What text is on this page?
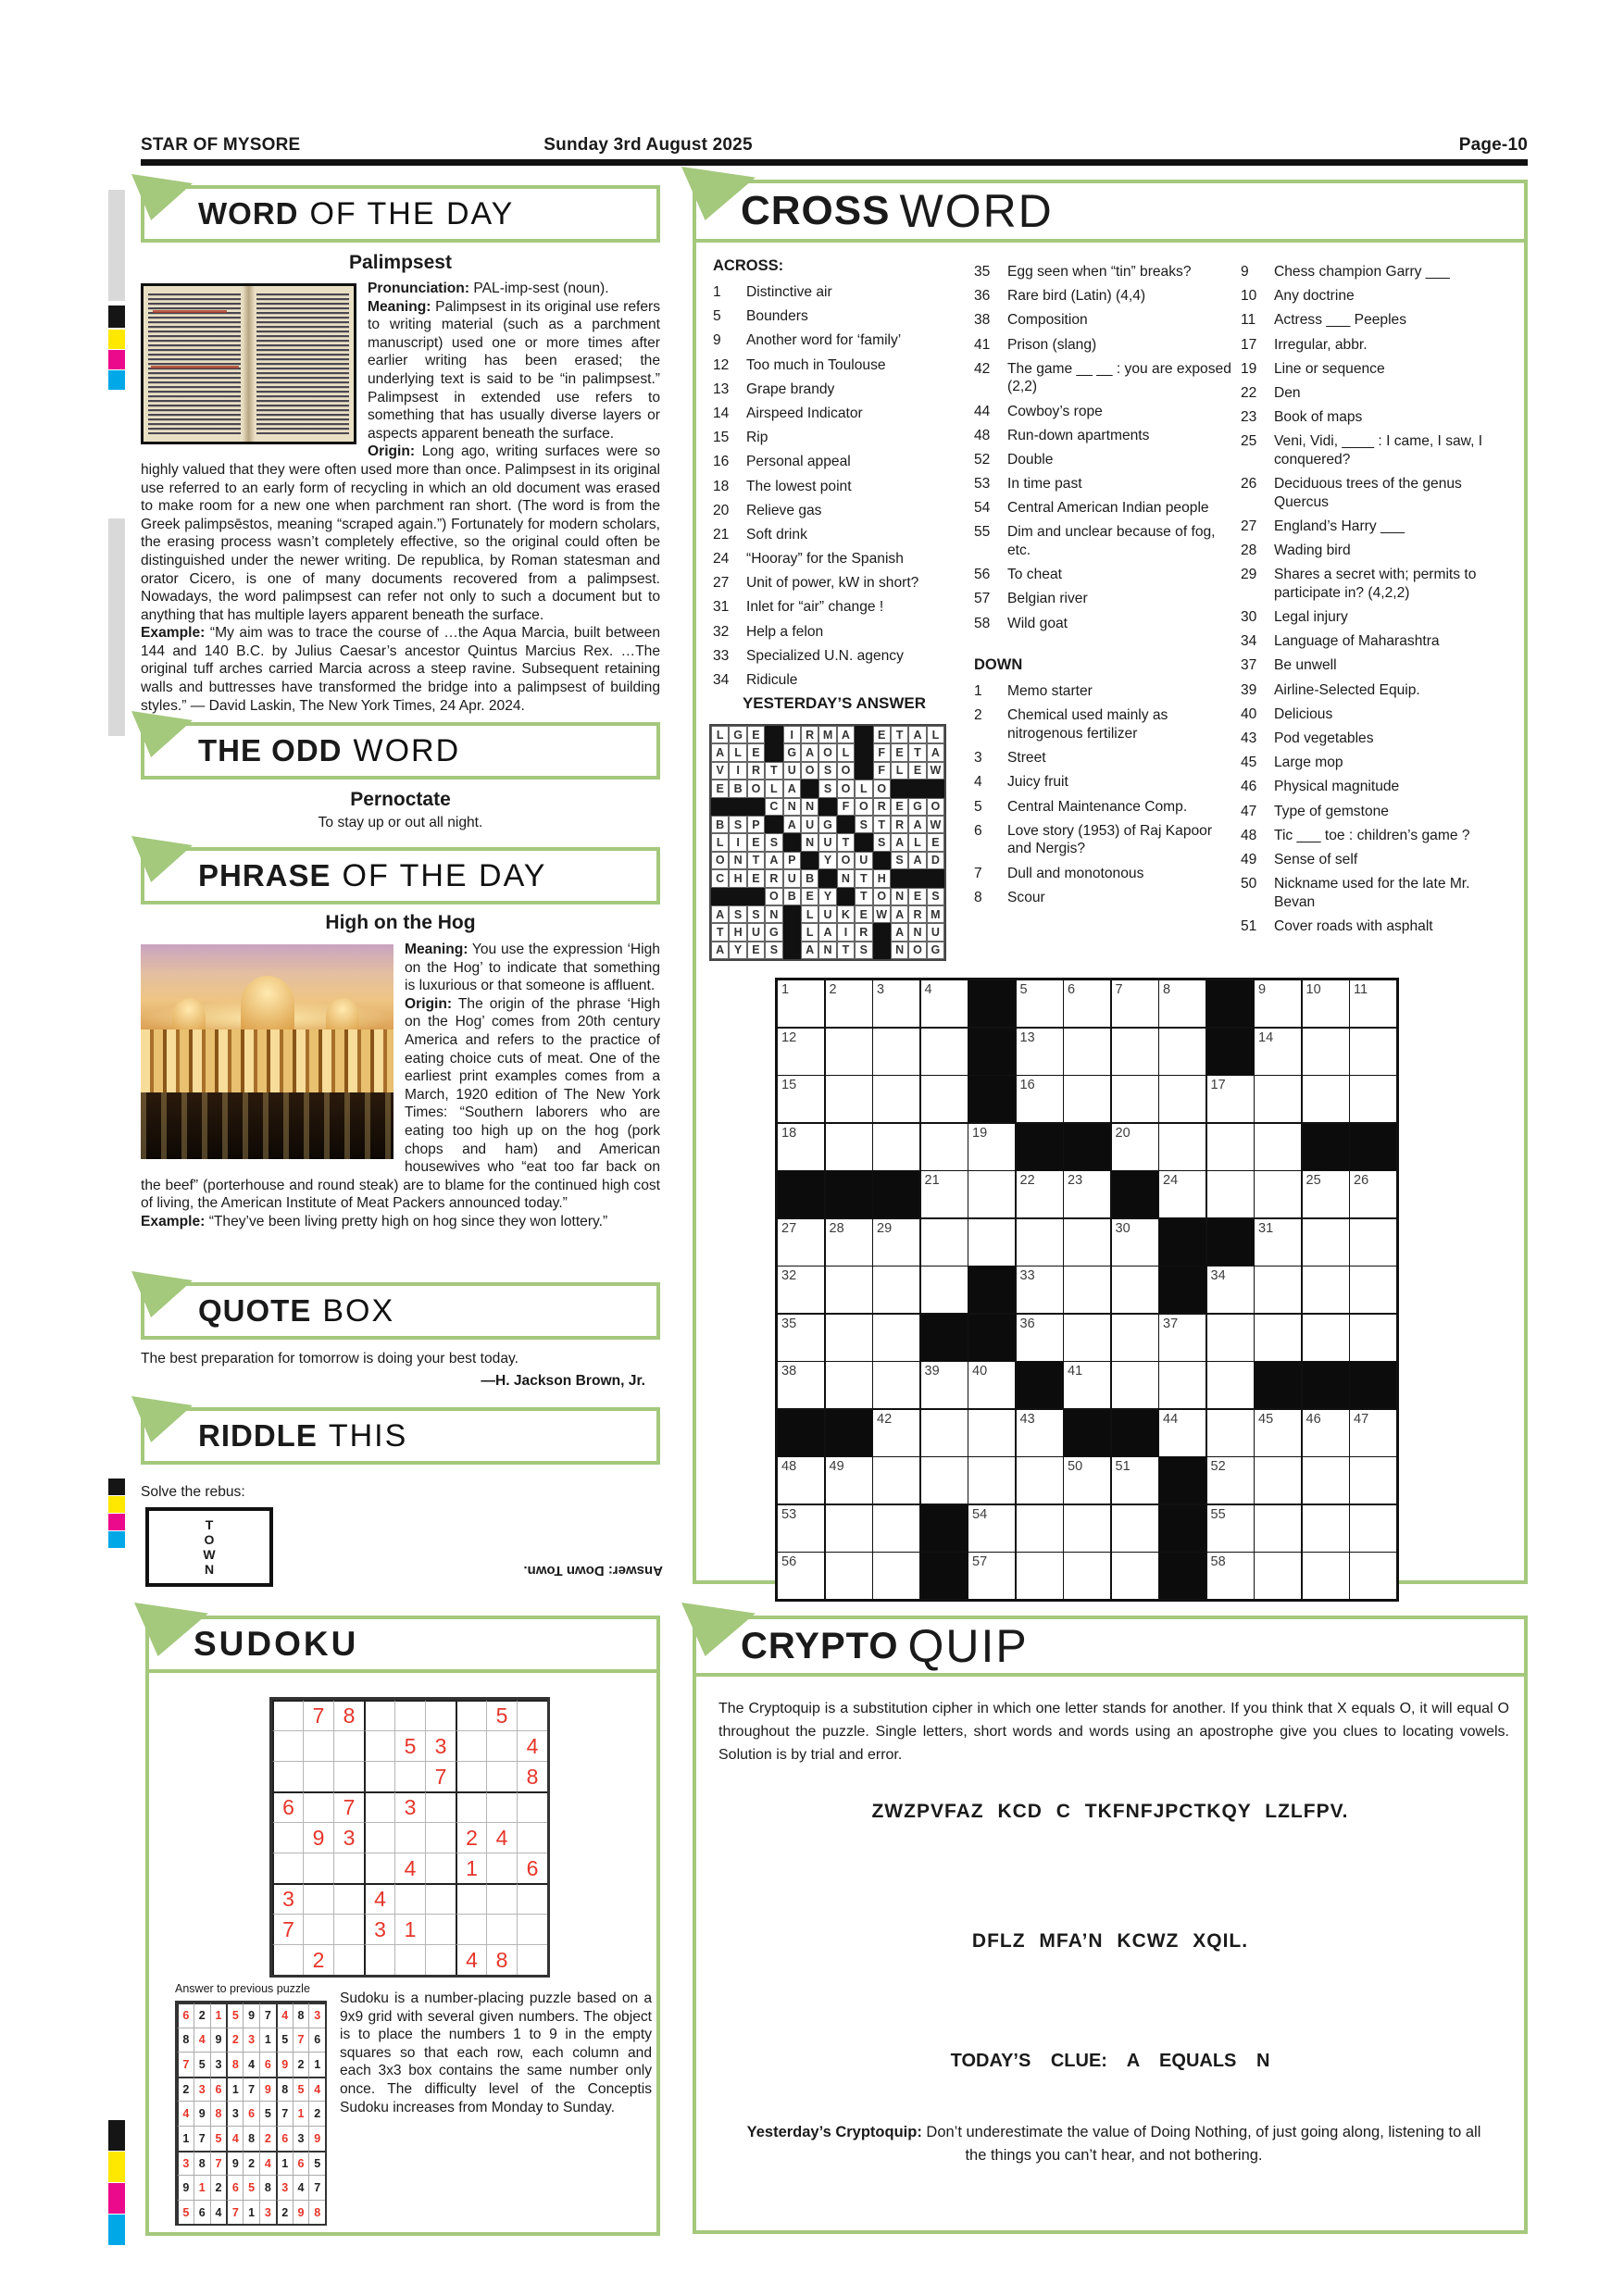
STAR OF MYSORE	Sunday 3rd August 2025	Page-10
WORD OF THE DAY
Palimpsest

Pronunciation: PAL-imp-sest (noun).

Meaning: Palimpsest in its original use refers to writing material (such as a parchment manuscript) used one or more times after earlier writing has been erased; the underlying text is said to be “in palimpsest.” Palimpsest in extended use refers to something that has usually diverse layers or aspects apparent beneath the surface.

Origin: Long ago, writing surfaces were so highly valued that they were often used more than once. Palimpsest in its original use referred to an early form of recycling in which an old document was erased to make room for a new one when parchment ran short. (The word is from the Greek palimpsēstos, meaning “scraped again.”) Fortunately for modern scholars, the erasing process wasn’t completely effective, so the original could often be distinguished under the newer writing. De republica, by Roman statesman and orator Cicero, is one of many documents recovered from a palimpsest. Nowadays, the word palimpsest can refer not only to such a document but to anything that has multiple layers apparent beneath the surface.

Example: “My aim was to trace the course of …the Aqua Marcia, built between 144 and 140 B.C. by Julius Caesar’s ancestor Quintus Marcius Rex. …The original tuff arches carried Marcia across a steep ravine. Subsequent retaining walls and buttresses have transformed the bridge into a palimpsest of building styles.” — David Laskin, The New York Times, 24 Apr. 2024.

THE ODD WORD
Pernoctate
To stay up or out all night.
PHRASE OF THE DAY
High on the Hog

Meaning: You use the expression ‘High on the Hog’ to indicate that something is luxurious or that someone is affluent.

Origin: The origin of the phrase ‘High on the Hog’ comes from 20th century America and refers to the practice of eating choice cuts of meat. One of the earliest print examples comes from a March, 1920 edition of The New York Times: “Southern laborers who are eating too high up on the hog (pork chops and ham) and American housewives who “eat too far back on the beef” (porterhouse and round steak) are to blame for the continued high cost of living, the American Institute of Meat Packers announced today.”

Example: “They’ve been living pretty high on hog since they won lottery.”

QUOTE BOX
The best preparation for tomorrow is doing your best today.
—H. Jackson Brown, Jr.
RIDDLE THIS
Solve the rebus:
T
O
W
N	Answer: Down Town.
SUDOKU
7 8	5
5 3	4
7	8
6	7	3
9 3	2 4
4	1	6
3	4
7	3 1
2	4 8
Answer to previous puzzle
6 2 1 5 9 7 4 8 3
8 4 9 2 3 1 5 7 6
7 5 3 8 4 6 9 2 1
2 3 6 1 7 9 8 5 4
4 9 8 3 6 5 7 1 2
1 7 5 4 8 2 6 3 9
3 8 7 9 2 4 1 6 5
9 1 2 6 5 8 3 4 7
5 6 4 7 1 3 2 9 8
Sudoku is a number-placing puzzle based on a 9x9 grid with several given numbers. The object is to place the numbers 1 to 9 in the empty squares so that each row, each column and each 3x3 box contains the same number only once. The difficulty level of the Conceptis Sudoku increases from Monday to Sunday.
CROSS WORD
ACROSS:
1	Distinctive air
5	Bounders
9	Another word for ‘family’
12	Too much in Toulouse
13	Grape brandy
14	Airspeed Indicator
15	Rip
16	Personal appeal
18	The lowest point
20	Relieve gas
21	Soft drink
24	“Hooray” for the Spanish
27	Unit of power, kW in short?
31	Inlet for “air” change !
32	Help a felon
33	Specialized U.N. agency
34	Ridicule
35	Egg seen when “tin” breaks?
36	Rare bird (Latin) (4,4)
38	Composition
41	Prison (slang)
42	The game __ __ : you are exposed (2,2)
44	Cowboy’s rope
48	Run-down apartments
52	Double
53	In time past
54	Central American Indian people
55	Dim and unclear because of fog, etc.
56	To cheat
57	Belgian river
58	Wild goat
DOWN
1	Memo starter
2	Chemical used mainly as nitrogenous fertilizer
3	Street
4	Juicy fruit
5	Central Maintenance Comp.
6	Love story (1953) of Raj Kapoor and Nergis?
7	Dull and monotonous
8	Scour
9	Chess champion Garry ___
10	Any doctrine
11	Actress ___ Peeples
17	Irregular, abbr.
19	Line or sequence
22	Den
23	Book of maps
25	Veni, Vidi, ____ : I came, I saw, I conquered?
26	Deciduous trees of the genus Quercus
27	England’s Harry ___
28	Wading bird
29	Shares a secret with; permits to participate in? (4,2,2)
30	Legal injury
34	Language of Maharashtra
37	Be unwell
39	Airline-Selected Equip.
40	Delicious
43	Pod vegetables
45	Large mop
46	Physical magnitude
47	Type of gemstone
48	Tic ___ toe : children’s game ?
49	Sense of self
50	Nickname used for the late Mr. Bevan
51	Cover roads with asphalt
YESTERDAY’S ANSWER
L G E	I	R M A	E T A L
A L E	G A O L	F E T A
V	I	R T U O S O	F L E W
E B O L A	S O L O
C N N	F O R E G O
B S P	A U G	S T R A W
L	I	E S	N U T	S A L E
O N T A P	Y O U	S A D
C H E R U B	N T H
O B E Y	T O N E S
A S S N	L U K E W A R M
T H U G	L A	I	R	A N U
A Y E S	A N T S	N O G
1	2	3	4	5	6	7	8	9	10 11
12	13	14
15	16	17
18	19	20
21	22 23	24	25 26
27 28 29	30	31
32	33	34
35	36	37
38	39 40	41
42	43	44	45 46 47
48 49	50 51	52
53	54	55
56	57	58
CRYPTO QUIP
The Cryptoquip is a substitution cipher in which one letter stands for another. If you think that X equals O, it will equal O throughout the puzzle. Single letters, short words and words using an apostrophe give you clues to locating vowels. Solution is by trial and error.
ZWZPVFAZ KCD C TKFNFJPCTKQY LZLFPV.
DFLZ MFA’N KCWZ XQIL.
TODAY’S CLUE: A EQUALS N
Yesterday’s Cryptoquip: Don’t underestimate the value of Doing Nothing, of just going along, listening to all the things you can’t hear, and not bothering.
